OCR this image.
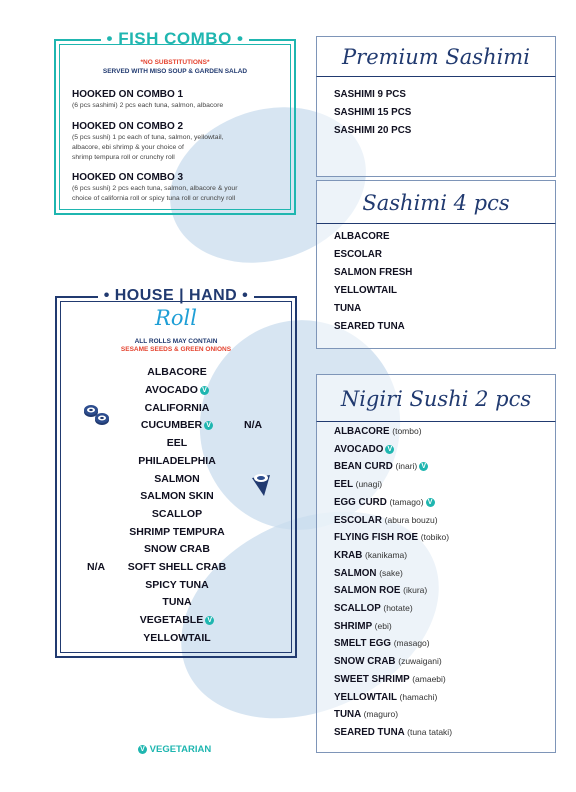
• FISH COMBO •
*NO SUBSTITUTIONS*
SERVED WITH MISO SOUP & GARDEN SALAD
HOOKED ON COMBO 1
(6 pcs sashimi) 2 pcs each tuna, salmon, albacore
HOOKED ON COMBO 2
(5 pcs sushi) 1 pc each of tuna, salmon, yellowtail,
albacore, ebi shrimp & your choice of
shrimp tempura roll or crunchy roll
HOOKED ON COMBO 3
(6 pcs sushi) 2 pcs each tuna, salmon, albacore & your
choice of california roll or spicy tuna roll or crunchy roll
• HOUSE | HAND •
Roll
ALL ROLLS MAY CONTAIN
SESAME SEEDS & GREEN ONIONS
ALBACORE
AVOCADO V
CALIFORNIA
CUCUMBER V
EEL
PHILADELPHIA
SALMON
SALMON SKIN
SCALLOP
SHRIMP TEMPURA
SNOW CRAB
SOFT SHELL CRAB
SPICY TUNA
TUNA
VEGETABLE V
YELLOWTAIL
N/A
N/A
Premium Sashimi
SASHIMI 9 PCS
SASHIMI 15 PCS
SASHIMI 20 PCS
Sashimi 4 pcs
ALBACORE
ESCOLAR
SALMON FRESH
YELLOWTAIL
TUNA
SEARED TUNA
Nigiri Sushi 2 pcs
ALBACORE (tombo)
AVOCADO V
BEAN CURD (inari) V
EEL (unagi)
EGG CURD (tamago) V
ESCOLAR (abura bouzu)
FLYING FISH ROE (tobiko)
KRAB (kanikama)
SALMON (sake)
SALMON ROE (ikura)
SCALLOP (hotate)
SHRIMP (ebi)
SMELT EGG (masago)
SNOW CRAB (zuwaigani)
SWEET SHRIMP (amaebi)
YELLOWTAIL (hamachi)
TUNA (maguro)
SEARED TUNA (tuna tataki)
V VEGETARIAN
